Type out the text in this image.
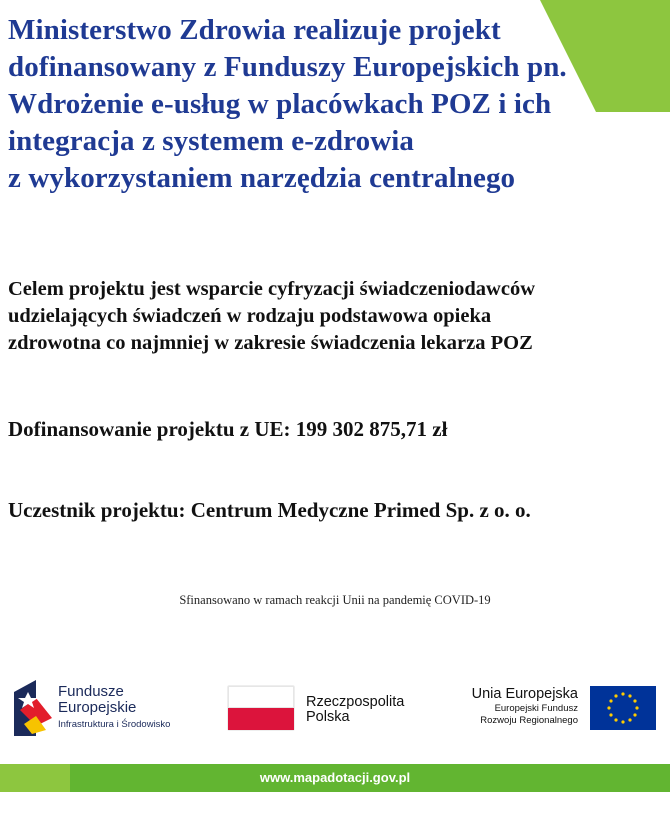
Ministerstwo Zdrowia realizuje projekt
dofinansowany z Funduszy Europejskich pn.
Wdrożenie e-usług w placówkach POZ i ich
integracja z systemem e-zdrowia
z wykorzystaniem narzędzia centralnego

Celem projektu jest wsparcie cyfryzacji świadczeniodawców
udzielających świadczeń w rodzaju podstawowa opieka
zdrowotna co najmniej w zakresie świadczenia lekarza POZ

Dofinansowanie projektu z UE: 199 302 875,71 zł

Uczestnik projektu: Centrum Medyczne Primed Sp. z o. o.

Sfinansowano w ramach reakcji Unii na pandemię COVID-19

Fundusze
Europejskie
Infrastruktura i Środowisko
Rzeczpospolita
Polska
Unia Europejska
Europejski Fundusz
Rozwoju Regionalnego
www.mapadotacji.gov.pl
